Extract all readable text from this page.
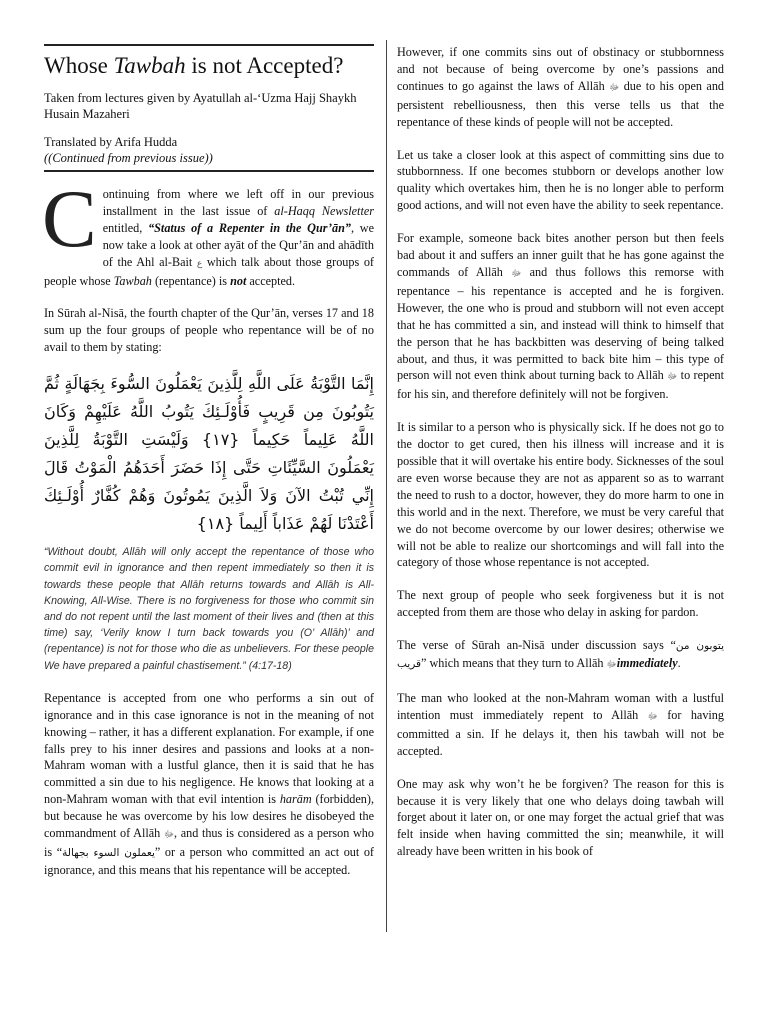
Whose Tawbah is not Accepted?
Taken from lectures given by Ayatullah al-‘Uzma Hajj Shaykh Husain Mazaheri
Translated by Arifa Hudda
((Continued from previous issue))
C ontinuing from where we left off in our previous installment in the last issue of al-Haqq Newsletter entitled, “Status of a Repenter in the Qur’ān”, we now take a look at other ayāt of the Qur’ān and ahādīth of the Ahl al-Bait ع which talk about those groups of people whose Tawbah (repentance) is not accepted.

In Sūrah al-Nisā, the fourth chapter of the Qur’ān, verses 17 and 18 sum up the four groups of people who repentance will be of no avail to them by stating:

إِنَّمَا التَّوْبَةُ عَلَى اللَّهِ لِلَّذِينَ يَعْمَلُونَ السُّوءَ بِجَهَالَةٍ ثُمَّ يَتُوبُونَ مِن قَرِيبٍ فَأُوْلَـئِكَ يَتُوبُ اللَّهُ عَلَيْهِمْ وَكَانَ اللَّهُ عَلِيماً حَكِيماً {١٧} وَلَيْسَتِ التَّوْبَةُ لِلَّذِينَ يَعْمَلُونَ السَّيِّئَاتِ حَتَّى إِذَا حَضَرَ أَحَدَهُمُ الْمَوْتُ قَالَ إِنِّي تُبْتُ الآنَ وَلاَ الَّذِينَ يَمُوتُونَ وَهُمْ كُفَّارٌ أُوْلَـئِكَ أَعْتَدْنَا لَهُمْ عَذَاباً أَلِيماً {١٨}
“Without doubt, Allāh will only accept the repentance of those who commit evil in ignorance and then repent immediately so then it is towards these people that Allāh returns towards and Allāh is All-Knowing, All-Wise. There is no forgiveness for those who commit sin and do not repent until the last moment of their lives and (then at this time) say, ‘Verily know I turn back towards you (O’ Allāh)’ and (repentance) is not for those who die as unbelievers. For these people We have prepared a painful chastisement.” (4:17-18)

Repentance is accepted from one who performs a sin out of ignorance and in this case ignorance is not in the meaning of not knowing – rather, it has a different explanation. For example, if one falls prey to his inner desires and passions and looks at a non-Mahram woman with a lustful glance, then it is said that he has committed a sin due to his negligence. He knows that looking at a non-Mahram woman with that evil intention is harām (forbidden), but because he was overcome by his low desires he disobeyed the commandment of Allāh ﷻ, and thus is considered as a person who is “يعملون السوء بجهالة” or a person who committed an act out of ignorance, and this means that his repentance will be accepted.

However, if one commits sins out of obstinacy or stubbornness and not because of being overcome by one’s passions and continues to go against the laws of Allāh ﷻ due to his open and persistent rebelliousness, then this verse tells us that the repentance of these kinds of people will not be accepted.

Let us take a closer look at this aspect of committing sins due to stubbornness. If one becomes stubborn or develops another low quality which overtakes him, then he is no longer able to perform good actions, and will not even have the ability to seek repentance.

For example, someone back bites another person but then feels bad about it and suffers an inner guilt that he has gone against the commands of Allāh ﷻ and thus follows this remorse with repentance – his repentance is accepted and he is forgiven. However, the one who is proud and stubborn will not even accept that he has committed a sin, and instead will think to himself that the person that he has backbitten was deserving of being talked about, and thus, it was permitted to back bite him – this type of person will not even think about turning back to Allāh ﷻ to repent for his sin, and therefore definitely will not be forgiven.

It is similar to a person who is physically sick. If he does not go to the doctor to get cured, then his illness will increase and it is possible that it will overtake his entire body. Sicknesses of the soul are even worse because they are not as apparent so as to warrant the need to rush to a doctor, however, they do more harm to one in this world and in the next. Therefore, we must be very careful that we do not become overcome by our lower desires; otherwise we will not be able to realize our shortcomings and will fall into the category of those whose repentance is not accepted.

The next group of people who seek forgiveness but it is not accepted from them are those who delay in asking for pardon.

The verse of Sūrah an-Nisā under discussion says “يتوبون من قريب” which means that they turn to Allāh ﷻimmediately.

The man who looked at the non-Mahram woman with a lustful intention must immediately repent to Allāh ﷻ for having committed a sin. If he delays it, then his tawbah will not be accepted.

One may ask why won’t he be forgiven? The reason for this is because it is very likely that one who delays doing tawbah will forget about it later on, or one may forget the actual grief that was felt inside when having committed the sin; meanwhile, it will already have been written in his book of
